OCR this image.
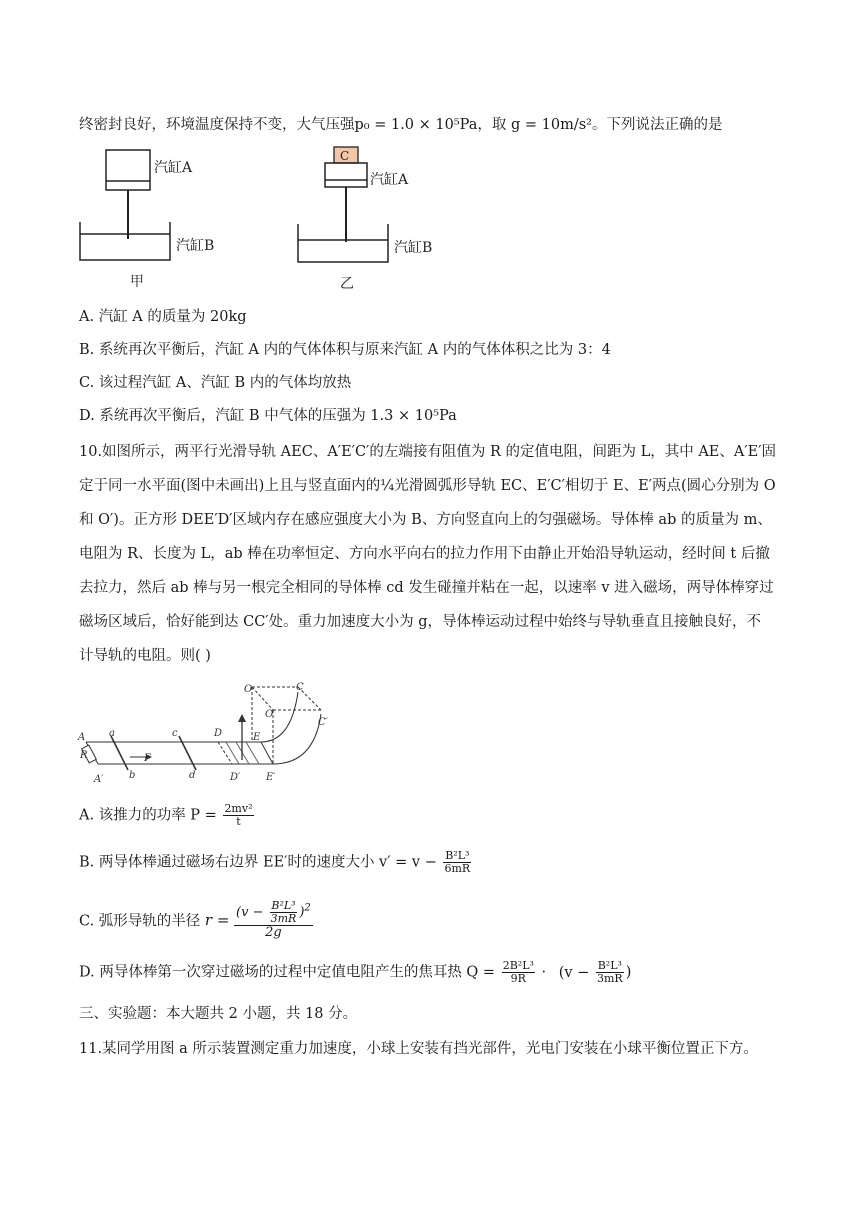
终密封良好，环境温度保持不变，大气压强p₀ = 1.0 × 10⁵Pa，取 g = 10m/s²。下列说法正确的是
汽缸A
汽缸B
甲
C
汽缸A
汽缸B
乙
A. 汽缸 A 的质量为 20kg
B. 系统再次平衡后，汽缸 A 内的气体体积与原来汽缸 A 内的气体体积之比为 3：4
C. 该过程汽缸 A、汽缸 B 内的气体均放热
D. 系统再次平衡后，汽缸 B 中气体的压强为 1.3 × 10⁵Pa
10.如图所示，两平行光滑导轨 AEC、A′E′C′的左端接有阻值为 R 的定值电阻，间距为 L，其中 AE、A′E′固
定于同一水平面(图中未画出)上且与竖直面内的¼光滑圆弧形导轨 EC、E′C′相切于 E、E′两点(圆心分别为 O
和 O′)。正方形 DEE′D′区域内存在感应强度大小为 B、方向竖直向上的匀强磁场。导体棒 ab 的质量为 m、
电阻为 R、长度为 L，ab 棒在功率恒定、方向水平向右的拉力作用下由静止开始沿导轨运动，经时间 t 后撤
去拉力，然后 ab 棒与另一根完全相同的导体棒 cd 发生碰撞并粘在一起，以速率 v 进入磁场，两导体棒穿过
磁场区域后，恰好能到达 CC′处。重力加速度大小为 g，导体棒运动过程中始终与导轨垂直且接触良好，不
计导轨的电阻。则( )
A
A′
R
a
b
F
c
d
D
D′
E
E′
O
O′
C
C′
A. 该推力的功率 $P = \frac{\text{2mv²}}{t}$
B. 两导体棒通过磁场右边界 EE′时的速度大小 $v' = v - \frac{\text{B²L³}}{6mR}$
C. 弧形导轨的半径 $r = \frac{(v - \frac{\text{B²L³}}{3mR} )^2}{2g}$
D. 两导体棒第一次穿过磁场的过程中定值电阻产生的焦耳热 $Q = \frac{\text{2B²L³}}{9R} \cdot (v - \frac{\text{B²L³}}{3mR}$ )
三、实验题：本大题共 2 小题，共 18 分。
11.某同学用图 a 所示装置测定重力加速度，小球上安装有挡光部件，光电门安装在小球平衡位置正下方。
